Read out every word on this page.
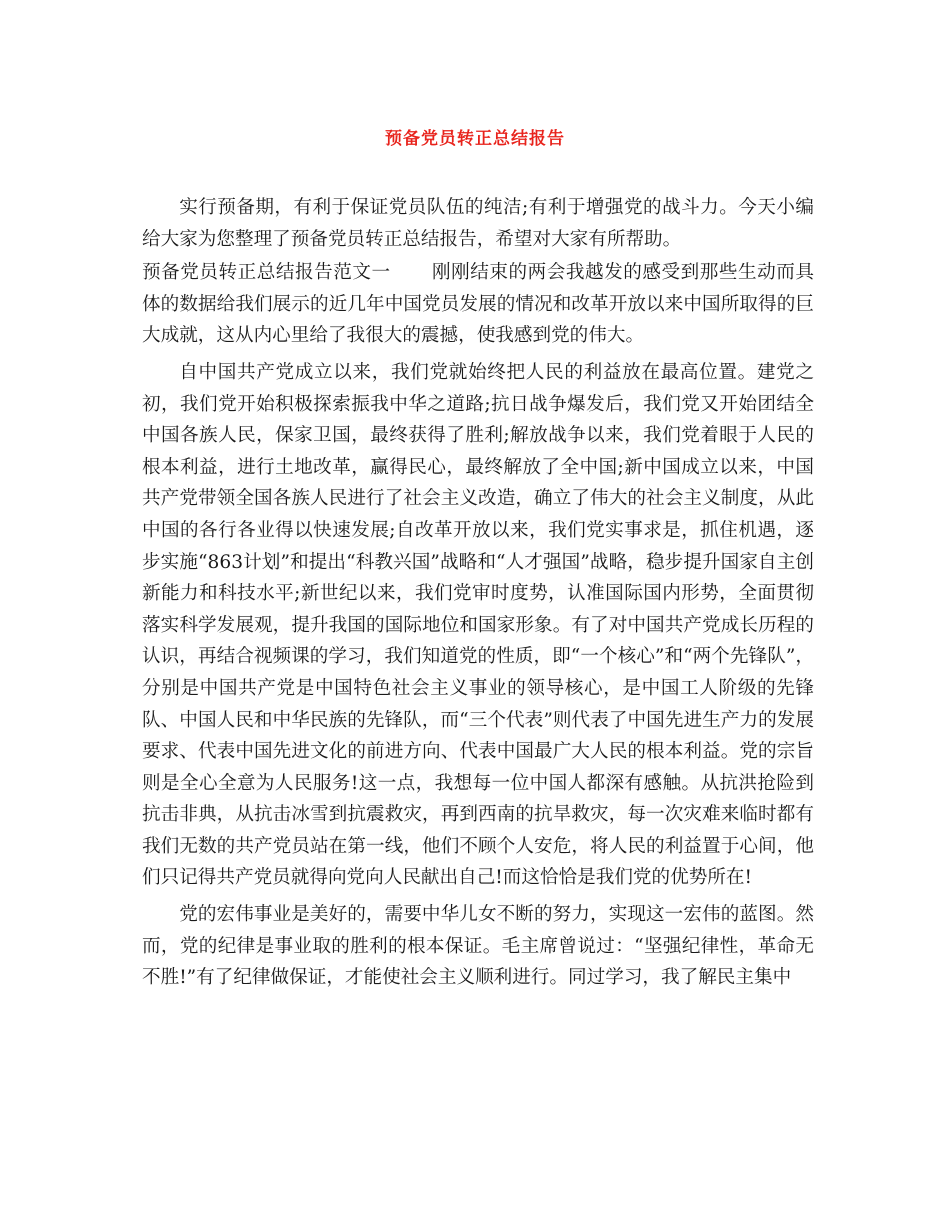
预备党员转正总结报告

实行预备期，有利于保证党员队伍的纯洁;有利于增强党的战斗力。今天小编给大家为您整理了预备党员转正总结报告，希望对大家有所帮助。

预备党员转正总结报告范文一 刚刚结束的两会我越发的感受到那些生动而具体的数据给我们展示的近几年中国党员发展的情况和改革开放以来中国所取得的巨大成就，这从内心里给了我很大的震撼，使我感到党的伟大。

自中国共产党成立以来，我们党就始终把人民的利益放在最高位置。建党之初，我们党开始积极探索振我中华之道路;抗日战争爆发后，我们党又开始团结全中国各族人民，保家卫国，最终获得了胜利;解放战争以来，我们党着眼于人民的根本利益，进行土地改革，赢得民心，最终解放了全中国;新中国成立以来，中国共产党带领全国各族人民进行了社会主义改造，确立了伟大的社会主义制度，从此中国的各行各业得以快速发展;自改革开放以来，我们党实事求是，抓住机遇，逐步实施“863计划”和提出“科教兴国”战略和“人才强国”战略，稳步提升国家自主创新能力和科技水平;新世纪以来，我们党审时度势，认准国际国内形势，全面贯彻落实科学发展观，提升我国的国际地位和国家形象。有了对中国共产党成长历程的认识，再结合视频课的学习，我们知道党的性质，即“一个核心”和“两个先锋队”，分别是中国共产党是中国特色社会主义事业的领导核心，是中国工人阶级的先锋队、中国人民和中华民族的先锋队，而“三个代表”则代表了中国先进生产力的发展要求、代表中国先进文化的前进方向、代表中国最广大人民的根本利益。党的宗旨则是全心全意为人民服务!这一点，我想每一位中国人都深有感触。从抗洪抢险到抗击非典，从抗击冰雪到抗震救灾，再到西南的抗旱救灾，每一次灾难来临时都有我们无数的共产党员站在第一线，他们不顾个人安危，将人民的利益置于心间，他们只记得共产党员就得向党向人民献出自己!而这恰恰是我们党的优势所在!

党的宏伟事业是美好的，需要中华儿女不断的努力，实现这一宏伟的蓝图。然而，党的纪律是事业取的胜利的根本保证。毛主席曾说过：“坚强纪律性，革命无不胜!”有了纪律做保证，才能使社会主义顺利进行。同过学习，我了解民主集中
